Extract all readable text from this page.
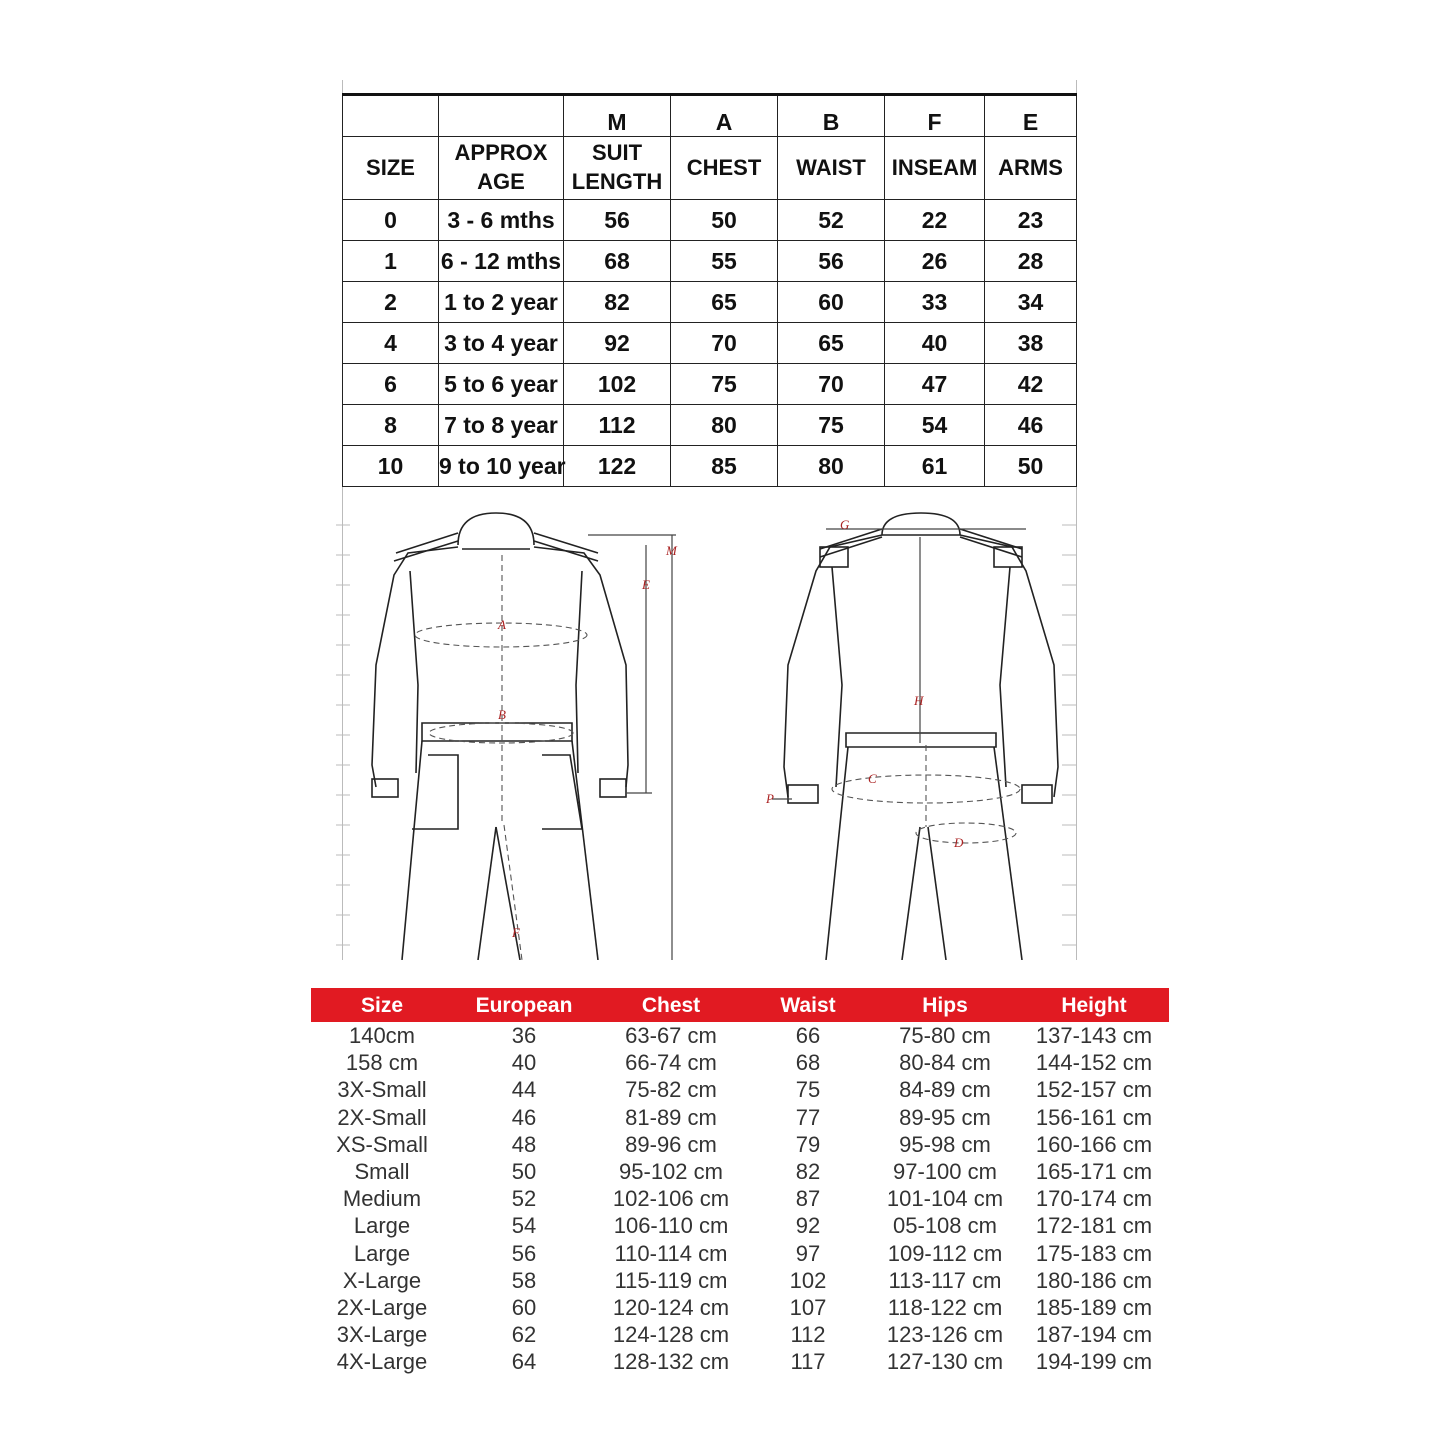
		M	A	B	F	E
SIZE	APPROX AGE	SUIT LENGTH	CHEST	WAIST	INSEAM	ARMS
0	3 - 6 mths	56	50	52	22	23
1	6 - 12 mths	68	55	56	26	28
2	1 to 2 year	82	65	60	33	34
4	3 to 4 year	92	70	65	40	38
6	5 to 6 year	102	75	70	47	42
8	7 to 8 year	112	80	75	54	46
10	9 to 10 year	122	85	80	61	50
M
E
A
B
F
G
H
C
D
P
Size	European	Chest	Waist	Hips	Height
140cm	36	63-67 cm	66	75-80 cm 137-143 cm
158 cm	40	66-74 cm	68	80-84 cm 144-152 cm
3X-Small	44	75-82 cm	75	84-89 cm 152-157 cm
2X-Small	46	81-89 cm	77	89-95 cm 156-161 cm
XS-Small	48	89-96 cm	79	95-98 cm 160-166 cm
Small	50	95-102 cm	82	97-100 cm 165-171 cm
Medium	52	102-106 cm	87	101-104 cm 170-174 cm
Large	54	106-110 cm	92	05-108 cm 172-181 cm
Large	56	110-114 cm	97	109-112 cm 175-183 cm
X-Large	58	115-119 cm	102	113-117 cm 180-186 cm
2X-Large	60	120-124 cm	107	118-122 cm 185-189 cm
3X-Large	62	124-128 cm	112	123-126 cm 187-194 cm
4X-Large	64	128-132 cm	117	127-130 cm 194-199 cm
